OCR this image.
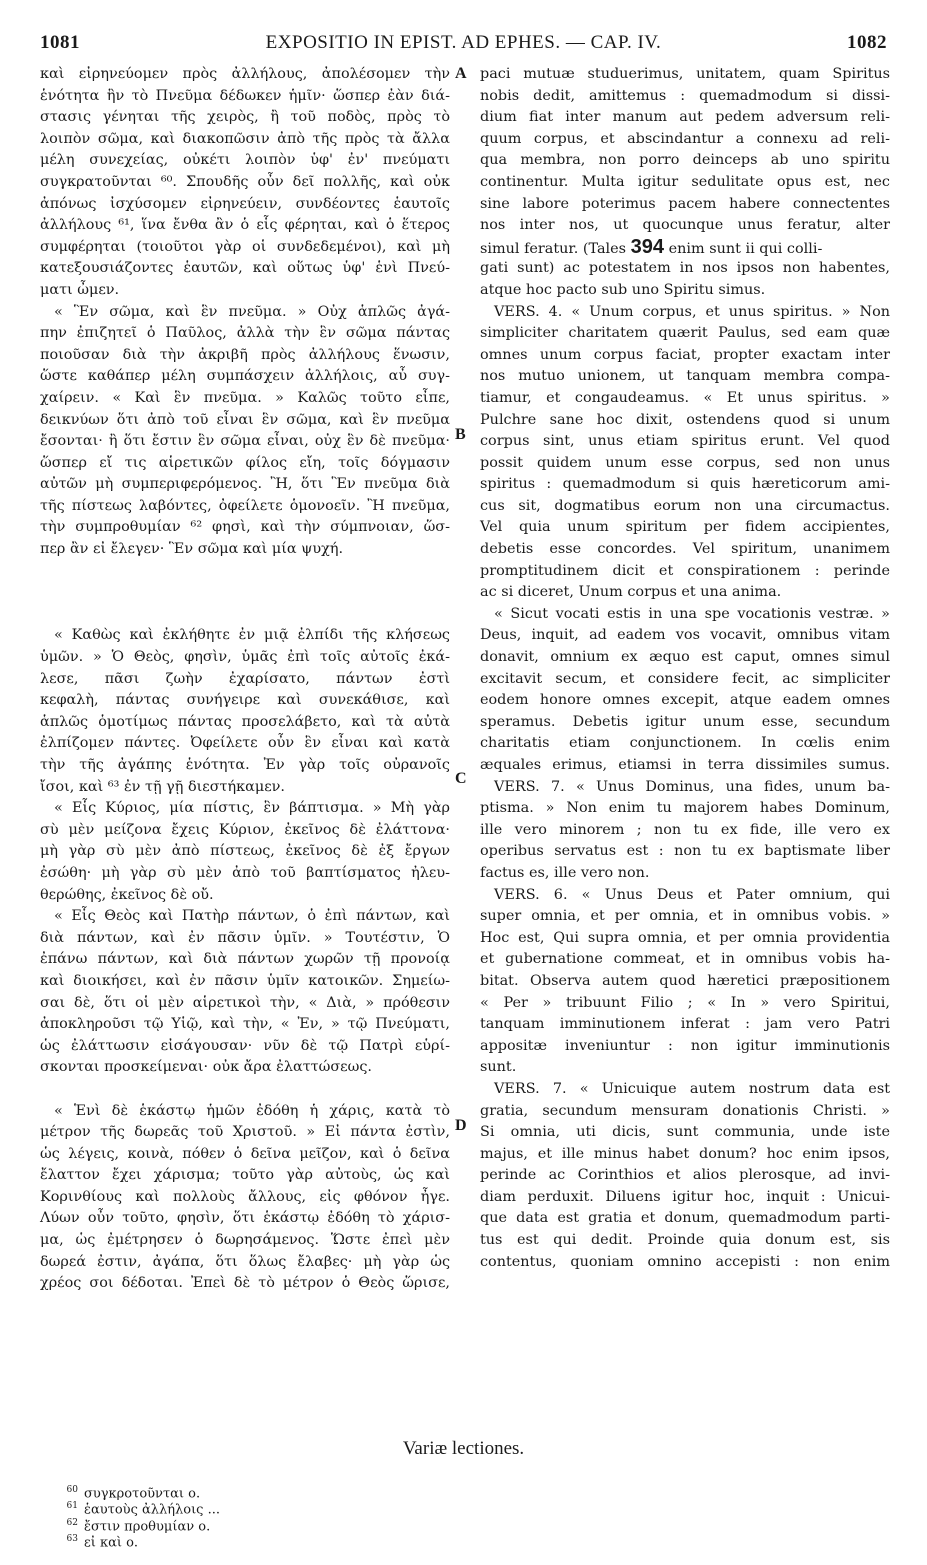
1081	EXPOSITIO IN EPIST. AD EPHES. — CAP. IV.	1082
A
B
C
D
καὶ εἰρηνεύομεν πρὸς ἀλλήλους, ἀπολέσομεν τὴν
ἑνότητα ἣν τὸ Πνεῦμα δέδωκεν ἡμῖν· ὥσπερ ἐὰν διά-
στασις γένηται τῆς χειρὸς, ἢ τοῦ ποδὸς, πρὸς τὸ
λοιπὸν σῶμα, καὶ διακοπῶσιν ἀπὸ τῆς πρὸς τὰ ἄλλα
μέλη συνεχείας, οὐκέτι λοιπὸν ὑφ' ἐν' πνεύματι
συγκρατοῦνται ⁶⁰. Σπουδῆς οὖν δεῖ πολλῆς, καὶ οὐκ
ἀπόνως ἰσχύσομεν εἰρηνεύειν, συνδέοντες ἑαυτοῖς
ἀλλήλους ⁶¹, ἵνα ἔνθα ἂν ὁ εἷς φέρηται, καὶ ὁ ἕτερος
συμφέρηται (τοιοῦτοι γὰρ οἱ συνδεδεμένοι), καὶ μὴ
κατεξουσιάζοντες ἑαυτῶν, καὶ οὕτως ὑφ' ἑνὶ Πνεύ-
ματι ὦμεν.
« Ἓν σῶμα, καὶ ἓν πνεῦμα. » Οὐχ ἁπλῶς ἀγά-
πην ἐπιζητεῖ ὁ Παῦλος, ἀλλὰ τὴν ἓν σῶμα πάντας
ποιοῦσαν διὰ τὴν ἀκριβῆ πρὸς ἀλλήλους ἕνωσιν,
ὥστε καθάπερ μέλη συμπάσχειν ἀλλήλοις, αὖ συγ-
χαίρειν. « Καὶ ἓν πνεῦμα. » Καλῶς τοῦτο εἶπε,
δεικνύων ὅτι ἀπὸ τοῦ εἶναι ἓν σῶμα, καὶ ἓν πνεῦμα
ἔσονται· ἢ ὅτι ἔστιν ἓν σῶμα εἶναι, οὐχ ἓν δὲ πνεῦμα·
ὥσπερ εἴ τις αἱρετικῶν φίλος εἴη, τοῖς δόγμασιν
αὐτῶν μὴ συμπεριφερόμενος. Ἢ, ὅτι Ἓν πνεῦμα διὰ
τῆς πίστεως λαβόντες, ὀφείλετε ὁμονοεῖν. Ἢ πνεῦμα,
τὴν συμπροθυμίαν ⁶² φησὶ, καὶ τὴν σύμπνοιαν, ὥσ-
περ ἂν εἰ ἔλεγεν· Ἓν σῶμα καὶ μία ψυχή.
« Καθὼς καὶ ἐκλήθητε ἐν μιᾷ ἐλπίδι τῆς κλήσεως
ὑμῶν. » Ὁ Θεὸς, φησὶν, ὑμᾶς ἐπὶ τοῖς αὐτοῖς ἐκά-
λεσε, πᾶσι ζωὴν ἐχαρίσατο, πάντων ἐστὶ
κεφαλὴ, πάντας συνήγειρε καὶ συνεκάθισε, καὶ
ἁπλῶς ὁμοτίμως πάντας προσελάβετο, καὶ τὰ αὐτὰ
ἐλπίζομεν πάντες. Ὀφείλετε οὖν ἓν εἶναι καὶ κατὰ
τὴν τῆς ἀγάπης ἑνότητα. Ἐν γὰρ τοῖς οὐρανοῖς
ἴσοι, καὶ ⁶³ ἐν τῇ γῇ διεστήκαμεν.
« Εἷς Κύριος, μία πίστις, ἓν βάπτισμα. » Μὴ γὰρ
σὺ μὲν μείζονα ἔχεις Κύριον, ἐκεῖνος δὲ ἐλάττονα·
μὴ γὰρ σὺ μὲν ἀπὸ πίστεως, ἐκεῖνος δὲ ἐξ ἔργων
ἐσώθη· μὴ γὰρ σὺ μὲν ἀπὸ τοῦ βαπτίσματος ἠλευ-
θερώθης, ἐκεῖνος δὲ οὔ.
« Εἷς Θεὸς καὶ Πατὴρ πάντων, ὁ ἐπὶ πάντων, καὶ
διὰ πάντων, καὶ ἐν πᾶσιν ὑμῖν. » Τουτέστιν, Ὁ
ἐπάνω πάντων, καὶ διὰ πάντων χωρῶν τῇ προνοίᾳ
καὶ διοικήσει, καὶ ἐν πᾶσιν ὑμῖν κατοικῶν. Σημείω-
σαι δὲ, ὅτι οἱ μὲν αἱρετικοὶ τὴν, « Διὰ, » πρόθεσιν
ἀποκληροῦσι τῷ Υἱῷ, καὶ τὴν, « Ἐν, » τῷ Πνεύματι,
ὡς ἐλάττωσιν εἰσάγουσαν· νῦν δὲ τῷ Πατρὶ εὑρί-
σκονται προσκείμεναι· οὐκ ἄρα ἐλαττώσεως.
« Ἑνὶ δὲ ἑκάστῳ ἡμῶν ἐδόθη ἡ χάρις, κατὰ τὸ
μέτρον τῆς δωρεᾶς τοῦ Χριστοῦ. » Εἰ πάντα ἐστὶν,
ὡς λέγεις, κοινὰ, πόθεν ὁ δεῖνα μεῖζον, καὶ ὁ δεῖνα
ἔλαττον ἔχει χάρισμα; τοῦτο γὰρ αὐτοὺς, ὡς καὶ
Κορινθίους καὶ πολλοὺς ἄλλους, εἰς φθόνον ἦγε.
Λύων οὖν τοῦτο, φησὶν, ὅτι ἑκάστῳ ἐδόθη τὸ χάρισ-
μα, ὡς ἐμέτρησεν ὁ δωρησάμενος. Ὥστε ἐπεὶ μὲν
δωρεά ἐστιν, ἀγάπα, ὅτι ὅλως ἔλαβες· μὴ γὰρ ὡς
χρέος σοι δέδοται. Ἐπεὶ δὲ τὸ μέτρον ὁ Θεὸς ὥρισε,
paci mutuæ studuerimus, unitatem, quam Spiritus
nobis dedit, amittemus : quemadmodum si dissi-
dium fiat inter manum aut pedem adversum reli-
quum corpus, et abscindantur a connexu ad reli-
qua membra, non porro deinceps ab uno spiritu
continentur. Multa igitur sedulitate opus est, nec
sine labore poterimus pacem habere connectentes
nos inter nos, ut quocunque unus feratur, alter
simul feratur. (Tales 394 enim sunt ii qui colli-
gati sunt) ac potestatem in nos ipsos non habentes,
atque hoc pacto sub uno Spiritu simus.
VERS. 4. « Unum corpus, et unus spiritus. » Non
simpliciter charitatem quærit Paulus, sed eam quæ
omnes unum corpus faciat, propter exactam inter
nos mutuo unionem, ut tanquam membra compa-
tiamur, et congaudeamus. « Et unus spiritus. »
Pulchre sane hoc dixit, ostendens quod si unum
corpus sint, unus etiam spiritus erunt. Vel quod
possit quidem unum esse corpus, sed non unus
spiritus : quemadmodum si quis hæreticorum ami-
cus sit, dogmatibus eorum non una circumactus.
Vel quia unum spiritum per fidem accipientes,
debetis esse concordes. Vel spiritum, unanimem
promptitudinem dicit et conspirationem : perinde
ac si diceret, Unum corpus et una anima.
« Sicut vocati estis in una spe vocationis vestræ. »
Deus, inquit, ad eadem vos vocavit, omnibus vitam
donavit, omnium ex æquo est caput, omnes simul
excitavit secum, et considere fecit, ac simpliciter
eodem honore omnes excepit, atque eadem omnes
speramus. Debetis igitur unum esse, secundum
charitatis etiam conjunctionem. In cœlis enim
æquales erimus, etiamsi in terra dissimiles sumus.
VERS. 7. « Unus Dominus, una fides, unum ba-
ptisma. » Non enim tu majorem habes Dominum,
ille vero minorem ; non tu ex fide, ille vero ex
operibus servatus est : non tu ex baptismate liber
factus es, ille vero non.
VERS. 6. « Unus Deus et Pater omnium, qui
super omnia, et per omnia, et in omnibus vobis. »
Hoc est, Qui supra omnia, et per omnia providentia
et gubernatione commeat, et in omnibus vobis ha-
bitat. Observa autem quod hæretici præpositionem
« Per » tribuunt Filio ; « In » vero Spiritui,
tanquam imminutionem inferat : jam vero Patri
appositæ inveniuntur : non igitur imminutionis
sunt.
VERS. 7. « Unicuique autem nostrum data est
gratia, secundum mensuram donationis Christi. »
Si omnia, uti dicis, sunt communia, unde iste
majus, et ille minus habet donum? hoc enim ipsos,
perinde ac Corinthios et alios plerosque, ad invi-
diam perduxit. Diluens igitur hoc, inquit : Unicui-
que data est gratia et donum, quemadmodum parti-
tus est qui dedit. Proinde quia donum est, sis
contentus, quoniam omnino accepisti : non enim
Variæ lectiones.

$^{60}$ συγκροτοῦνται ο.
$^{61}$ ἑαυτοὺς ἀλλήλοις ...
$^{62}$ ἔστιν προθυμίαν ο.
$^{63}$ εἰ καὶ ο.
